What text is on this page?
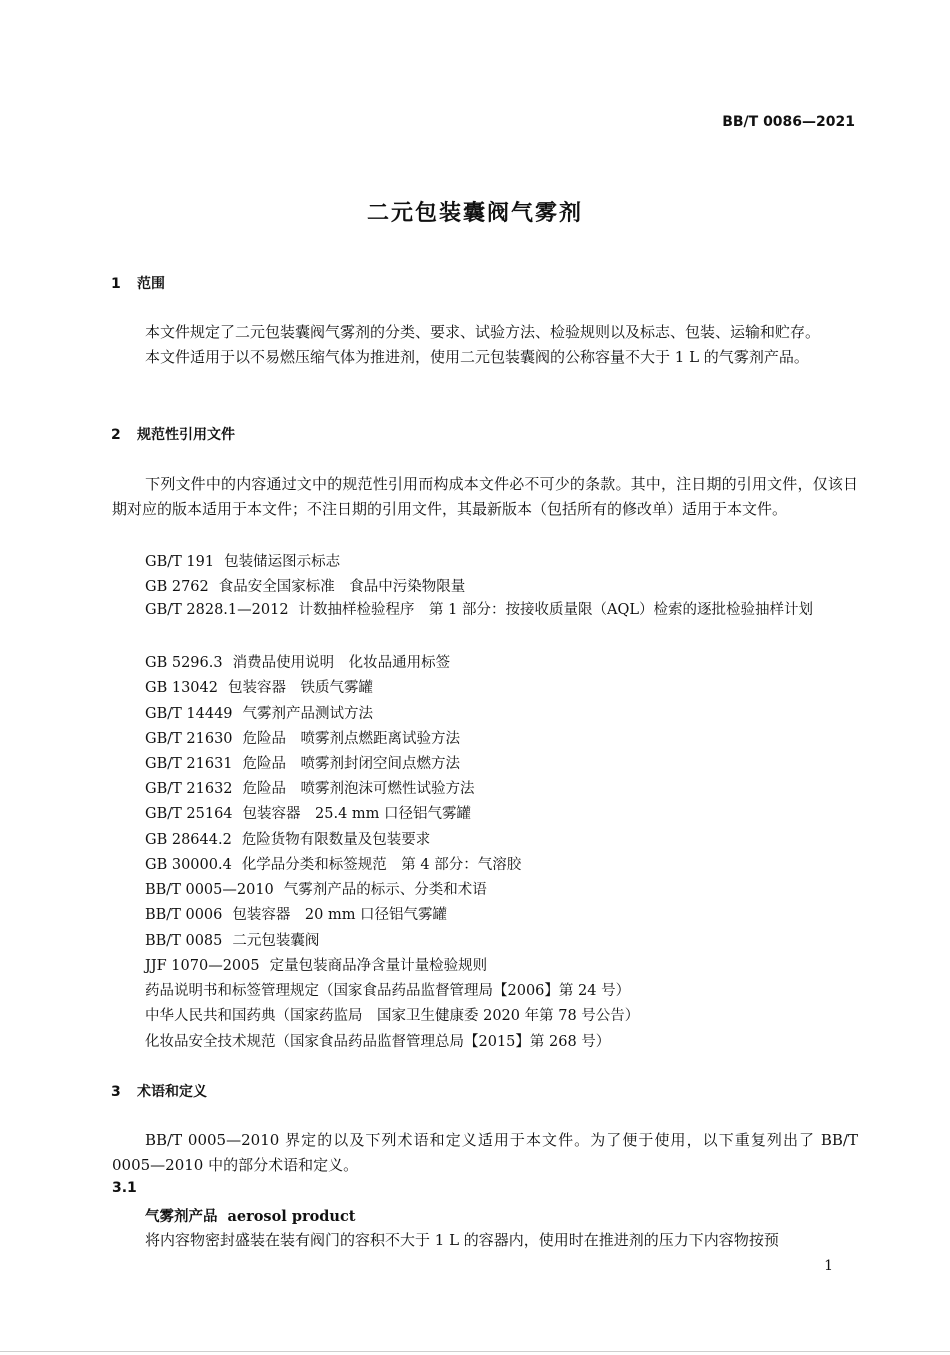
BB/T 0086—2021
二元包装囊阀气雾剂
1 范围
本文件规定了二元包装囊阀气雾剂的分类、要求、试验方法、检验规则以及标志、包装、运输和贮存。
本文件适用于以不易燃压缩气体为推进剂，使用二元包装囊阀的公称容量不大于 1 L 的气雾剂产品。
2 规范性引用文件
下列文件中的内容通过文中的规范性引用而构成本文件必不可少的条款。其中，注日期的引用文件，仅该日期对应的版本适用于本文件；不注日期的引用文件，其最新版本（包括所有的修改单）适用于本文件。
GB/T 191 包装储运图示标志
GB 2762 食品安全国家标准　食品中污染物限量
GB/T 2828.1—2012 计数抽样检验程序　第 1 部分：按接收质量限（AQL）检索的逐批检验抽样计划
GB 5296.3 消费品使用说明　化妆品通用标签
GB 13042 包装容器　铁质气雾罐
GB/T 14449 气雾剂产品测试方法
GB/T 21630 危险品　喷雾剂点燃距离试验方法
GB/T 21631 危险品　喷雾剂封闭空间点燃方法
GB/T 21632 危险品　喷雾剂泡沫可燃性试验方法
GB/T 25164 包装容器　25.4 mm 口径铝气雾罐
GB 28644.2 危险货物有限数量及包装要求
GB 30000.4 化学品分类和标签规范　第 4 部分：气溶胶
BB/T 0005—2010 气雾剂产品的标示、分类和术语
BB/T 0006 包装容器　20 mm 口径铝气雾罐
BB/T 0085 二元包装囊阀
JJF 1070—2005 定量包装商品净含量计量检验规则
药品说明书和标签管理规定（国家食品药品监督管理局【2006】第 24 号）
中华人民共和国药典（国家药监局　国家卫生健康委 2020 年第 78 号公告）
化妆品安全技术规范（国家食品药品监督管理总局【2015】第 268 号）
3 术语和定义
BB/T 0005—2010 界定的以及下列术语和定义适用于本文件。为了便于使用，以下重复列出了 BB/T 0005—2010 中的部分术语和定义。
3.1
气雾剂产品 aerosol product
将内容物密封盛装在装有阀门的容积不大于 1 L 的容器内，使用时在推进剂的压力下内容物按预
1
